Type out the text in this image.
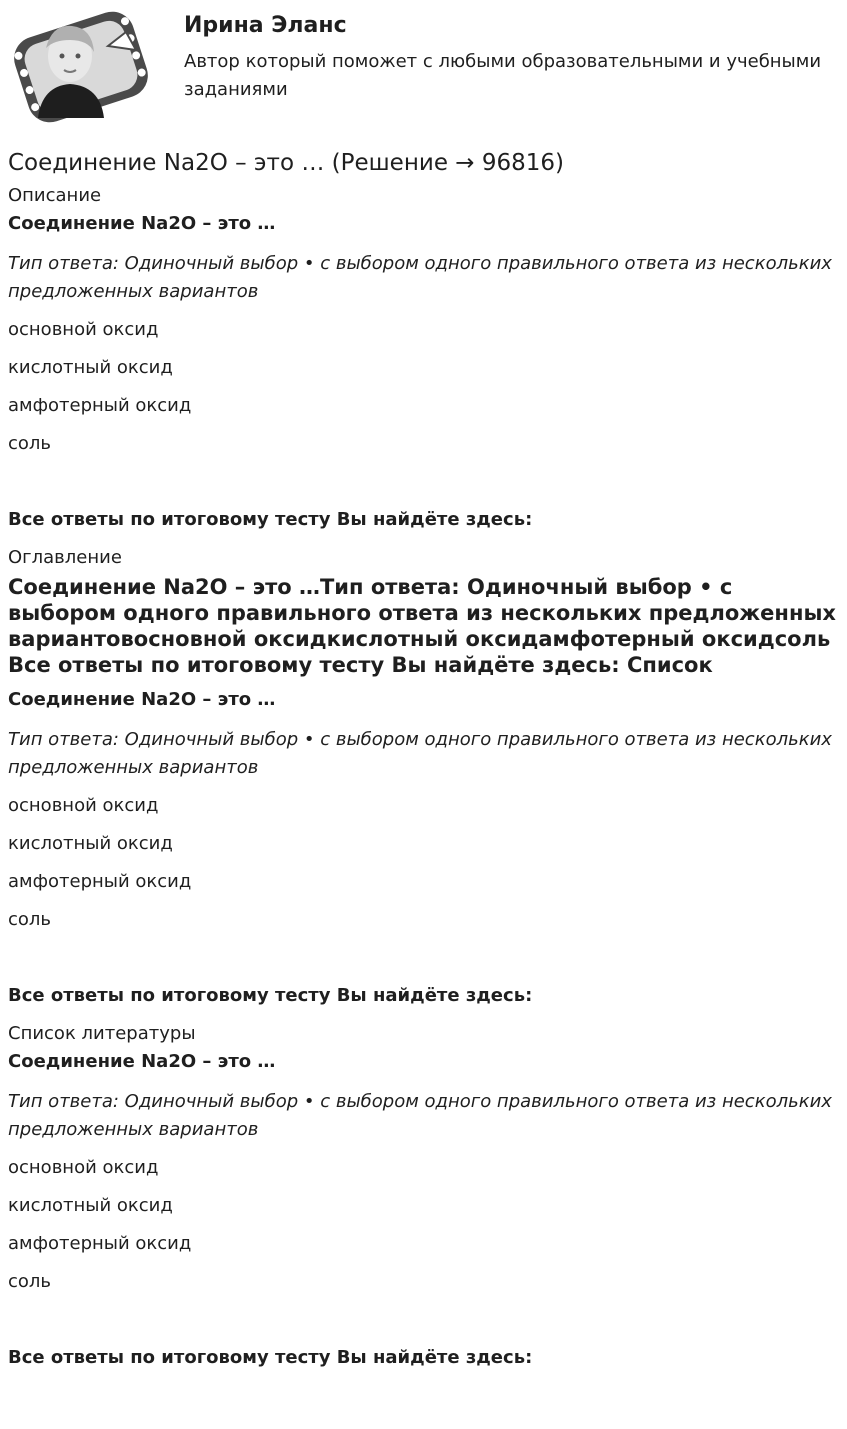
Ирина Эланс

Автор который поможет с любыми образовательными и учебными заданиями

Соединение Na2O – это … (Решение → 96816)
Описание
Соединение Na2O – это …
Тип ответа: Одиночный выбор • с выбором одного правильного ответа из нескольких предложенных вариантов
основной оксид
кислотный оксид
амфотерный оксид
соль
Все ответы по итоговому тесту Вы найдёте здесь:
Оглавление
Соединение Na2O – это …Тип ответа: Одиночный выбор • с выбором одного правильного ответа из нескольких предложенных вариантовосновной оксидкислотный оксидамфотерный оксидсоль Все ответы по итоговому тесту Вы найдёте здесь: Список
Соединение Na2O – это …
Тип ответа: Одиночный выбор • с выбором одного правильного ответа из нескольких предложенных вариантов
основной оксид
кислотный оксид
амфотерный оксид
соль
Все ответы по итоговому тесту Вы найдёте здесь:
Список литературы
Соединение Na2O – это …
Тип ответа: Одиночный выбор • с выбором одного правильного ответа из нескольких предложенных вариантов
основной оксид
кислотный оксид
амфотерный оксид
соль
Все ответы по итоговому тесту Вы найдёте здесь:
